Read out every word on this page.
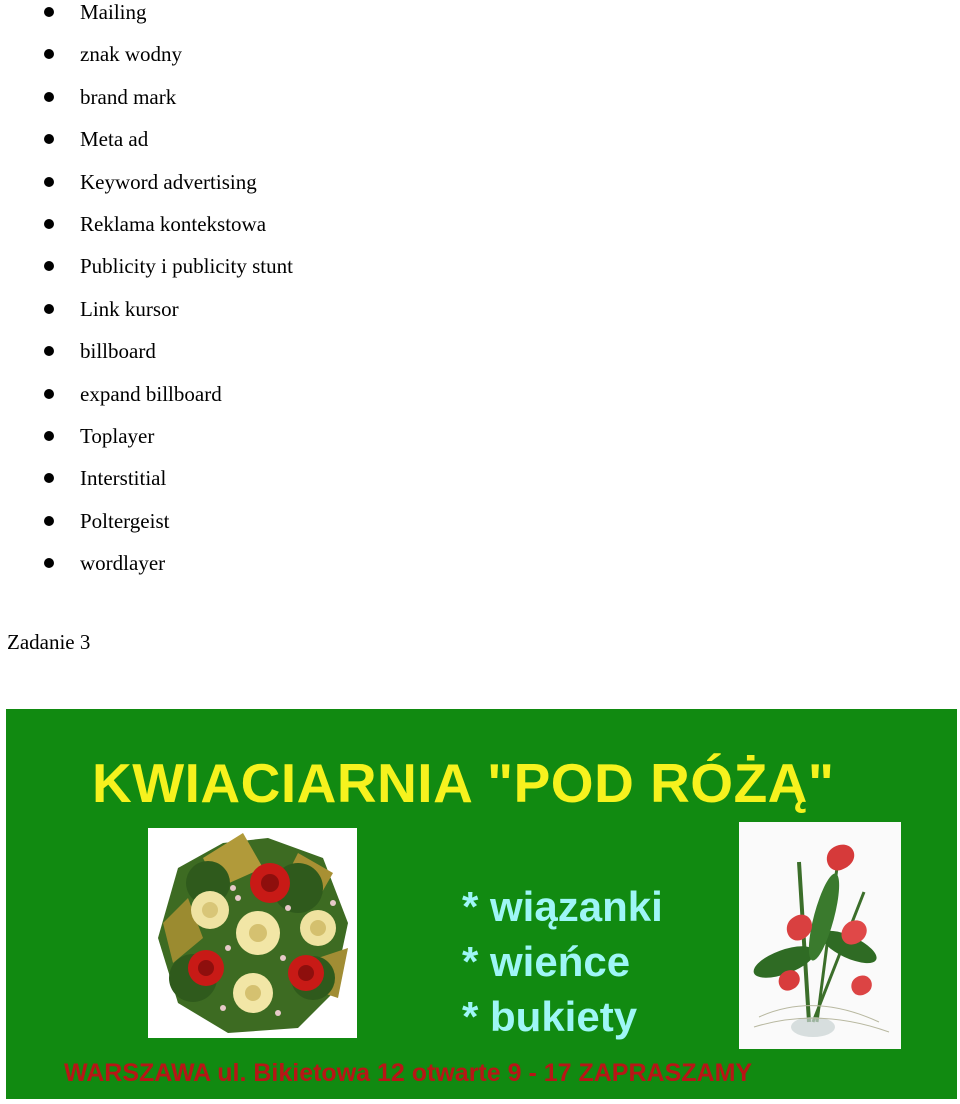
Mailing
znak wodny
brand mark
Meta ad
Keyword advertising
Reklama kontekstowa
Publicity i publicity stunt
Link kursor
billboard
expand billboard
Toplayer
Interstitial
Poltergeist
wordlayer
Zadanie 3
KWIACIARNIA "POD RÓŻĄ"
* wiązanki
* wieńce
* bukiety
WARSZAWA ul. Bikietowa 12 otwarte 9 - 17 ZAPRASZAMY
